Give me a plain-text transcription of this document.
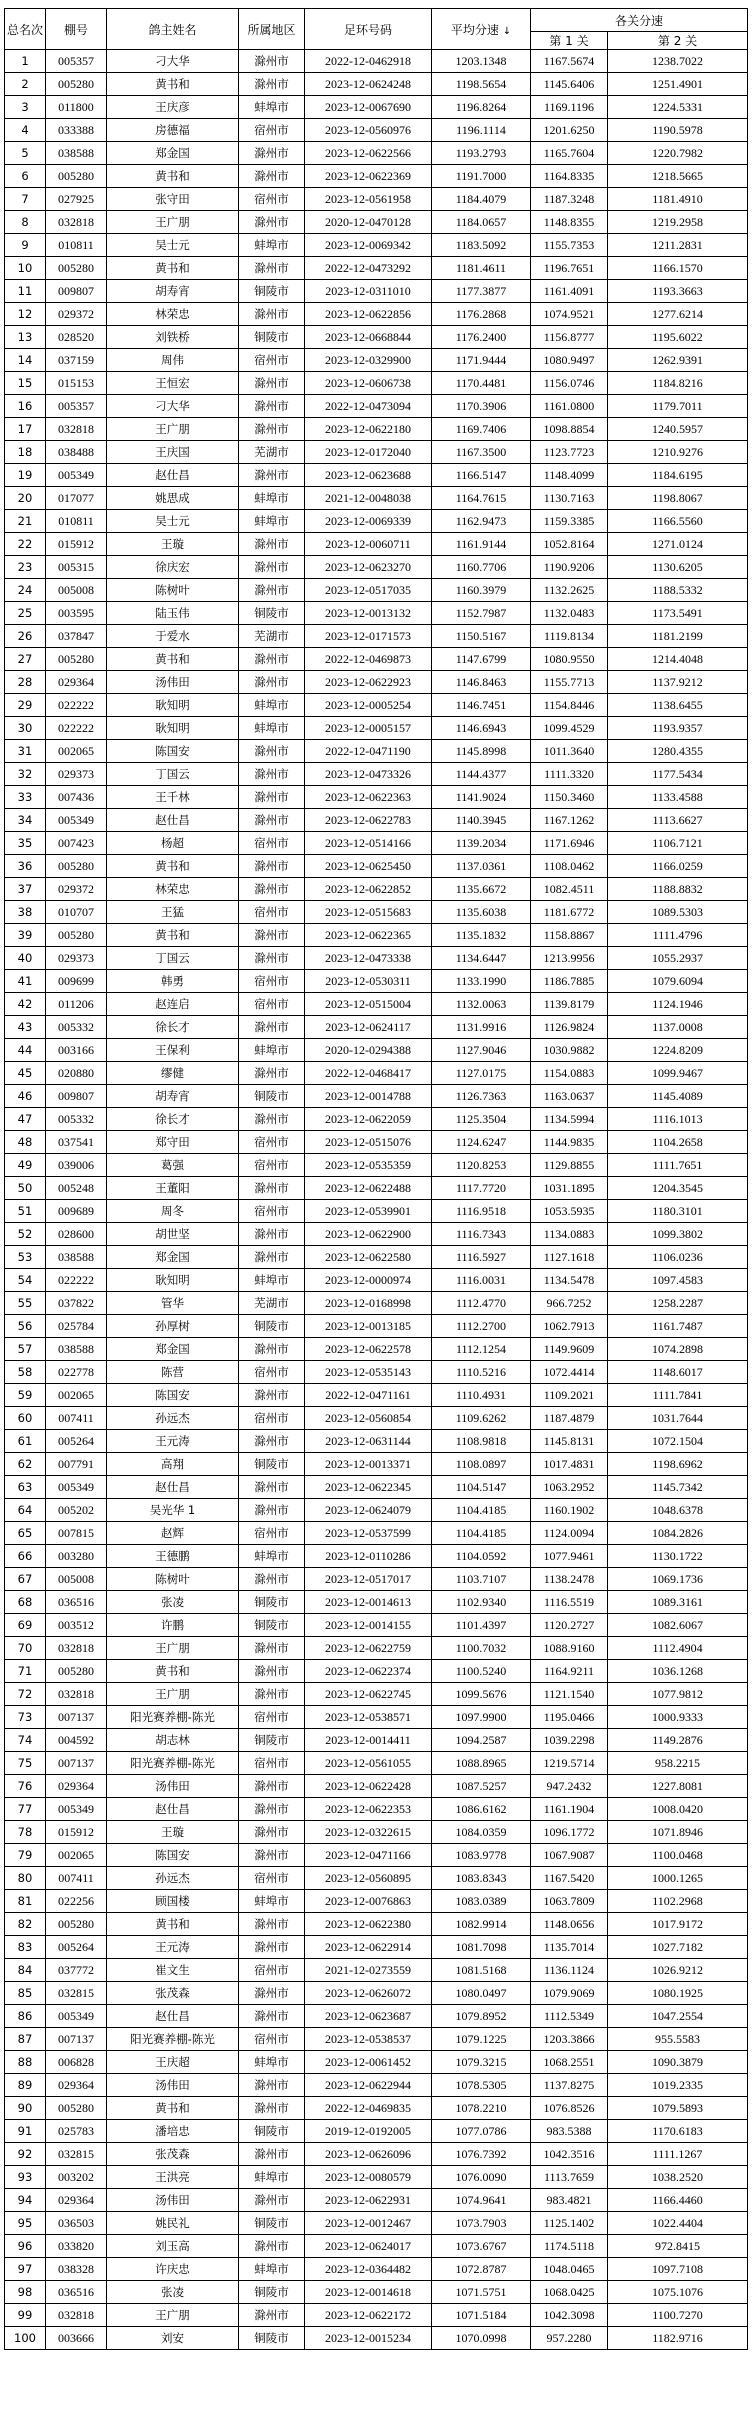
总名次	棚号	鸽主姓名	所属地区	足环号码	平均分速 ↓	各关分速	
						第 1 关	第 2 关
1	005357	刁大华	滁州市	2022-12-0462918	1203.1348	1167.5674	1238.7022
2	005280	黄书和	滁州市	2023-12-0624248	1198.5654	1145.6406	1251.4901
3	011800	王庆彦	蚌埠市	2023-12-0067690	1196.8264	1169.1196	1224.5331
4	033388	房德福	宿州市	2023-12-0560976	1196.1114	1201.6250	1190.5978
5	038588	郑金国	滁州市	2023-12-0622566	1193.2793	1165.7604	1220.7982
6	005280	黄书和	滁州市	2023-12-0622369	1191.7000	1164.8335	1218.5665
7	027925	张守田	宿州市	2023-12-0561958	1184.4079	1187.3248	1181.4910
8	032818	王广朋	滁州市	2020-12-0470128	1184.0657	1148.8355	1219.2958
9	010811	吴士元	蚌埠市	2023-12-0069342	1183.5092	1155.7353	1211.2831
10	005280	黄书和	滁州市	2022-12-0473292	1181.4611	1196.7651	1166.1570
11	009807	胡寿宵	铜陵市	2023-12-0311010	1177.3877	1161.4091	1193.3663
12	029372	林荣忠	滁州市	2023-12-0622856	1176.2868	1074.9521	1277.6214
13	028520	刘铁桥	铜陵市	2023-12-0668844	1176.2400	1156.8777	1195.6022
14	037159	周伟	宿州市	2023-12-0329900	1171.9444	1080.9497	1262.9391
15	015153	王恒宏	滁州市	2023-12-0606738	1170.4481	1156.0746	1184.8216
16	005357	刁大华	滁州市	2022-12-0473094	1170.3906	1161.0800	1179.7011
17	032818	王广朋	滁州市	2023-12-0622180	1169.7406	1098.8854	1240.5957
18	038488	王庆国	芜湖市	2023-12-0172040	1167.3500	1123.7723	1210.9276
19	005349	赵仕昌	滁州市	2023-12-0623688	1166.5147	1148.4099	1184.6195
20	017077	姚思成	蚌埠市	2021-12-0048038	1164.7615	1130.7163	1198.8067
21	010811	吴士元	蚌埠市	2023-12-0069339	1162.9473	1159.3385	1166.5560
22	015912	王璇	滁州市	2023-12-0060711	1161.9144	1052.8164	1271.0124
23	005315	徐庆宏	滁州市	2023-12-0623270	1160.7706	1190.9206	1130.6205
24	005008	陈树叶	滁州市	2023-12-0517035	1160.3979	1132.2625	1188.5332
25	003595	陆玉伟	铜陵市	2023-12-0013132	1152.7987	1132.0483	1173.5491
26	037847	于爱水	芜湖市	2023-12-0171573	1150.5167	1119.8134	1181.2199
27	005280	黄书和	滁州市	2022-12-0469873	1147.6799	1080.9550	1214.4048
28	029364	汤伟田	滁州市	2023-12-0622923	1146.8463	1155.7713	1137.9212
29	022222	耿知明	蚌埠市	2023-12-0005254	1146.7451	1154.8446	1138.6455
30	022222	耿知明	蚌埠市	2023-12-0005157	1146.6943	1099.4529	1193.9357
31	002065	陈国安	滁州市	2022-12-0471190	1145.8998	1011.3640	1280.4355
32	029373	丁国云	滁州市	2023-12-0473326	1144.4377	1111.3320	1177.5434
33	007436	王千林	滁州市	2023-12-0622363	1141.9024	1150.3460	1133.4588
34	005349	赵仕昌	滁州市	2023-12-0622783	1140.3945	1167.1262	1113.6627
35	007423	杨超	宿州市	2023-12-0514166	1139.2034	1171.6946	1106.7121
36	005280	黄书和	滁州市	2023-12-0625450	1137.0361	1108.0462	1166.0259
37	029372	林荣忠	滁州市	2023-12-0622852	1135.6672	1082.4511	1188.8832
38	010707	王猛	宿州市	2023-12-0515683	1135.6038	1181.6772	1089.5303
39	005280	黄书和	滁州市	2023-12-0622365	1135.1832	1158.8867	1111.4796
40	029373	丁国云	滁州市	2023-12-0473338	1134.6447	1213.9956	1055.2937
41	009699	韩勇	宿州市	2023-12-0530311	1133.1990	1186.7885	1079.6094
42	011206	赵连启	宿州市	2023-12-0515004	1132.0063	1139.8179	1124.1946
43	005332	徐长才	滁州市	2023-12-0624117	1131.9916	1126.9824	1137.0008
44	003166	王保利	蚌埠市	2020-12-0294388	1127.9046	1030.9882	1224.8209
45	020880	缪健	滁州市	2022-12-0468417	1127.0175	1154.0883	1099.9467
46	009807	胡寿宵	铜陵市	2023-12-0014788	1126.7363	1163.0637	1145.4089
47	005332	徐长才	滁州市	2023-12-0622059	1125.3504	1134.5994	1116.1013
48	037541	郑守田	宿州市	2023-12-0515076	1124.6247	1144.9835	1104.2658
49	039006	葛强	宿州市	2023-12-0535359	1120.8253	1129.8855	1111.7651
50	005248	王董阳	滁州市	2023-12-0622488	1117.7720	1031.1895	1204.3545
51	009689	周冬	宿州市	2023-12-0539901	1116.9518	1053.5935	1180.3101
52	028600	胡世坚	滁州市	2023-12-0622900	1116.7343	1134.0883	1099.3802
53	038588	郑金国	滁州市	2023-12-0622580	1116.5927	1127.1618	1106.0236
54	022222	耿知明	蚌埠市	2023-12-0000974	1116.0031	1134.5478	1097.4583
55	037822	管华	芜湖市	2023-12-0168998	1112.4770	966.7252	1258.2287
56	025784	孙厚树	铜陵市	2023-12-0013185	1112.2700	1062.7913	1161.7487
57	038588	郑金国	滁州市	2023-12-0622578	1112.1254	1149.9609	1074.2898
58	022778	陈营	宿州市	2023-12-0535143	1110.5216	1072.4414	1148.6017
59	002065	陈国安	滁州市	2022-12-0471161	1110.4931	1109.2021	1111.7841
60	007411	孙远杰	宿州市	2023-12-0560854	1109.6262	1187.4879	1031.7644
61	005264	王元涛	滁州市	2023-12-0631144	1108.9818	1145.8131	1072.1504
62	007791	高翔	铜陵市	2023-12-0013371	1108.0897	1017.4831	1198.6962
63	005349	赵仕昌	滁州市	2023-12-0622345	1104.5147	1063.2952	1145.7342
64	005202	吴光华 1	滁州市	2023-12-0624079	1104.4185	1160.1902	1048.6378
65	007815	赵辉	宿州市	2023-12-0537599	1104.4185	1124.0094	1084.2826
66	003280	王德鹏	蚌埠市	2023-12-0110286	1104.0592	1077.9461	1130.1722
67	005008	陈树叶	滁州市	2023-12-0517017	1103.7107	1138.2478	1069.1736
68	036516	张凌	铜陵市	2023-12-0014613	1102.9340	1116.5519	1089.3161
69	003512	许鹏	铜陵市	2023-12-0014155	1101.4397	1120.2727	1082.6067
70	032818	王广朋	滁州市	2023-12-0622759	1100.7032	1088.9160	1112.4904
71	005280	黄书和	滁州市	2023-12-0622374	1100.5240	1164.9211	1036.1268
72	032818	王广朋	滁州市	2023-12-0622745	1099.5676	1121.1540	1077.9812
73	007137	阳光赛养棚-陈光	宿州市	2023-12-0538571	1097.9900	1195.0466	1000.9333
74	004592	胡志林	铜陵市	2023-12-0014411	1094.2587	1039.2298	1149.2876
75	007137	阳光赛养棚-陈光	宿州市	2023-12-0561055	1088.8965	1219.5714	958.2215
76	029364	汤伟田	滁州市	2023-12-0622428	1087.5257	947.2432	1227.8081
77	005349	赵仕昌	滁州市	2023-12-0622353	1086.6162	1161.1904	1008.0420
78	015912	王璇	滁州市	2023-12-0322615	1084.0359	1096.1772	1071.8946
79	002065	陈国安	滁州市	2023-12-0471166	1083.9778	1067.9087	1100.0468
80	007411	孙远杰	宿州市	2023-12-0560895	1083.8343	1167.5420	1000.1265
81	022256	顾国楼	蚌埠市	2023-12-0076863	1083.0389	1063.7809	1102.2968
82	005280	黄书和	滁州市	2023-12-0622380	1082.9914	1148.0656	1017.9172
83	005264	王元涛	滁州市	2023-12-0622914	1081.7098	1135.7014	1027.7182
84	037772	崔文生	宿州市	2021-12-0273559	1081.5168	1136.1124	1026.9212
85	032815	张茂森	滁州市	2023-12-0626072	1080.0497	1079.9069	1080.1925
86	005349	赵仕昌	滁州市	2023-12-0623687	1079.8952	1112.5349	1047.2554
87	007137	阳光赛养棚-陈光	宿州市	2023-12-0538537	1079.1225	1203.3866	955.5583
88	006828	王庆超	蚌埠市	2023-12-0061452	1079.3215	1068.2551	1090.3879
89	029364	汤伟田	滁州市	2023-12-0622944	1078.5305	1137.8275	1019.2335
90	005280	黄书和	滁州市	2022-12-0469835	1078.2210	1076.8526	1079.5893
91	025783	潘培忠	铜陵市	2019-12-0192005	1077.0786	983.5388	1170.6183
92	032815	张茂森	滁州市	2023-12-0626096	1076.7392	1042.3516	1111.1267
93	003202	王洪亮	蚌埠市	2023-12-0080579	1076.0090	1113.7659	1038.2520
94	029364	汤伟田	滁州市	2023-12-0622931	1074.9641	983.4821	1166.4460
95	036503	姚民礼	铜陵市	2023-12-0012467	1073.7903	1125.1402	1022.4404
96	033820	刘玉高	滁州市	2023-12-0624017	1073.6767	1174.5118	972.8415
97	038328	许庆忠	蚌埠市	2023-12-0364482	1072.8787	1048.0465	1097.7108
98	036516	张凌	铜陵市	2023-12-0014618	1071.5751	1068.0425	1075.1076
99	032818	王广朋	滁州市	2023-12-0622172	1071.5184	1042.3098	1100.7270
100	003666	刘安	铜陵市	2023-12-0015234	1070.0998	957.2280	1182.9716
